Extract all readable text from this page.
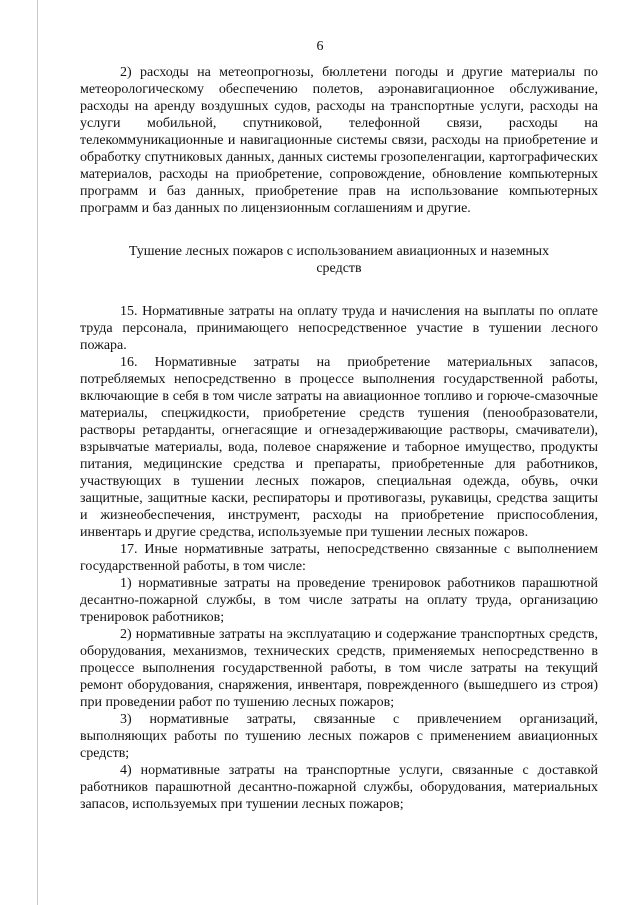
6

2) расходы на метеопрогнозы, бюллетени погоды и другие материалы по метеорологическому обеспечению полетов, аэронавигационное обслуживание, расходы на аренду воздушных судов, расходы на транспортные услуги, расходы на услуги мобильной, спутниковой, телефонной связи, расходы на телекоммуникационные и навигационные системы связи, расходы на приобретение и обработку спутниковых данных, данных системы грозопеленгации, картографических материалов, расходы на приобретение, сопровождение, обновление компьютерных программ и баз данных, приобретение прав на использование компьютерных программ и баз данных по лицензионным соглашениям и другие.

Тушение лесных пожаров с использованием авиационных и наземных
средств

15. Нормативные затраты на оплату труда и начисления на выплаты по оплате труда персонала, принимающего непосредственное участие в тушении лесного пожара.

16. Нормативные затраты на приобретение материальных запасов, потребляемых непосредственно в процессе выполнения государственной работы, включающие в себя в том числе затраты на авиационное топливо и горюче-смазочные материалы, спецжидкости, приобретение средств тушения (пенообразователи, растворы ретарданты, огнегасящие и огнезадерживающие растворы, смачиватели), взрывчатые материалы, вода, полевое снаряжение и таборное имущество, продукты питания, медицинские средства и препараты, приобретенные для работников, участвующих в тушении лесных пожаров, специальная одежда, обувь, очки защитные, защитные каски, респираторы и противогазы, рукавицы, средства защиты и жизнеобеспечения, инструмент, расходы на приобретение приспособления, инвентарь и другие средства, используемые при тушении лесных пожаров.

17. Иные нормативные затраты, непосредственно связанные с выполнением государственной работы, в том числе:

1) нормативные затраты на проведение тренировок работников парашютной десантно-пожарной службы, в том числе затраты на оплату труда, организацию тренировок работников;

2) нормативные затраты на эксплуатацию и содержание транспортных средств, оборудования, механизмов, технических средств, применяемых непосредственно в процессе выполнения государственной работы, в том числе затраты на текущий ремонт оборудования, снаряжения, инвентаря, поврежденного (вышедшего из строя) при проведении работ по тушению лесных пожаров;

3) нормативные затраты, связанные с привлечением организаций, выполняющих работы по тушению лесных пожаров с применением авиационных средств;

4) нормативные затраты на транспортные услуги, связанные с доставкой работников парашютной десантно-пожарной службы, оборудования, материальных запасов, используемых при тушении лесных пожаров;
